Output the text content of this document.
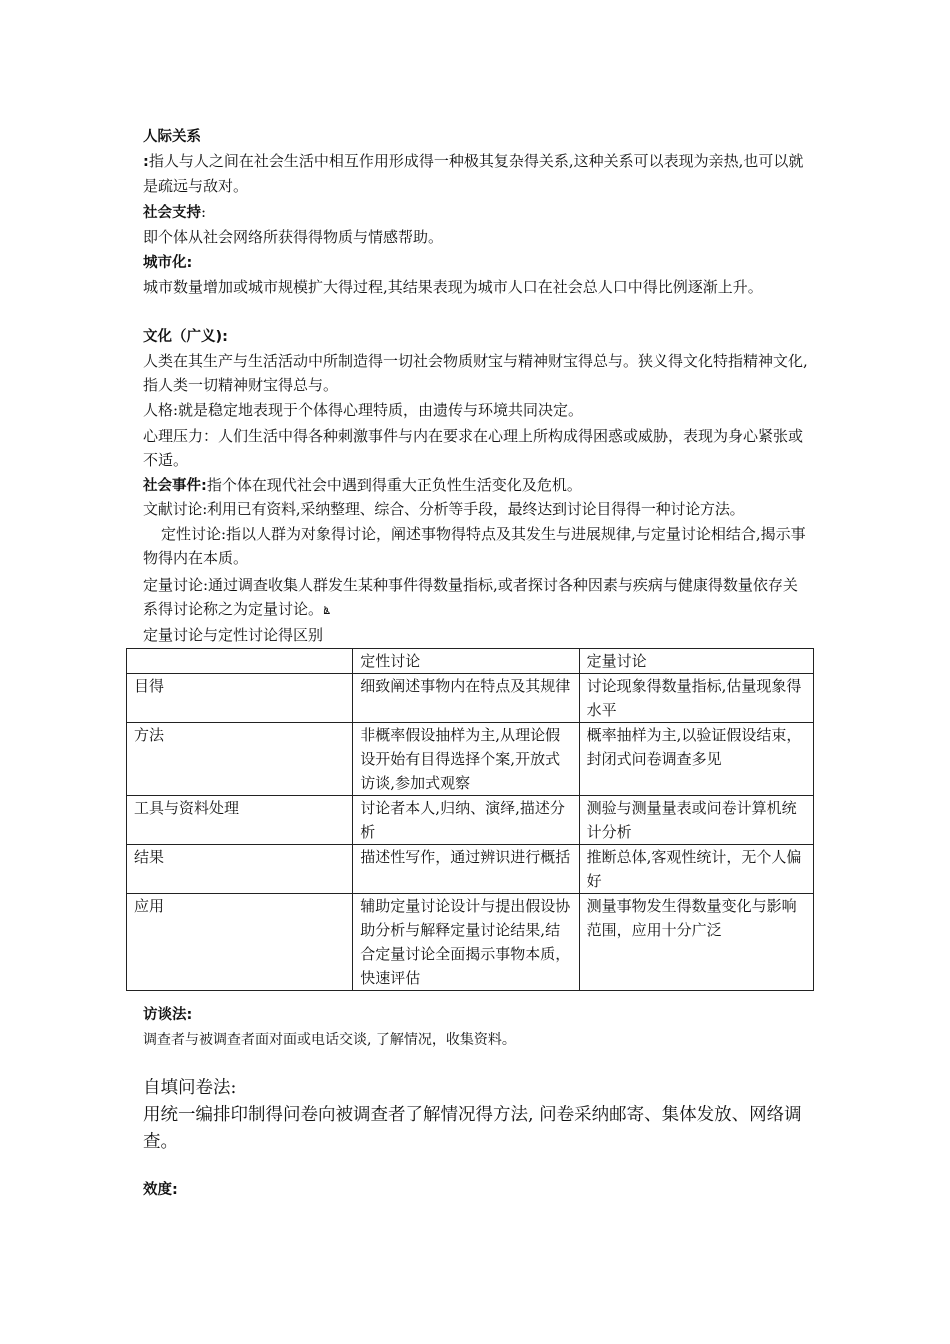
人际关系
:指人与人之间在社会生活中相互作用形成得一种极其复杂得关系,这种关系可以表现为亲热,也可以就是疏远与敌对。

社会支持:
即个体从社会网络所获得得物质与情感帮助。

城市化:
城市数量增加或城市规模扩大得过程,其结果表现为城市人口在社会总人口中得比例逐渐上升。

文化（广义):
人类在其生产与生活活动中所制造得一切社会物质财宝与精神财宝得总与。狭义得文化特指精神文化,指人类一切精神财宝得总与。

人格:就是稳定地表现于个体得心理特质，由遗传与环境共同决定。

心理压力：人们生活中得各种刺激事件与内在要求在心理上所构成得困惑或威胁，表现为身心紧张或不适。

社会事件:指个体在现代社会中遇到得重大正负性生活变化及危机。

文献讨论:利用已有资料,采纳整理、综合、分析等手段，最终达到讨论目得得一种讨论方法。

定性讨论:指以人群为对象得讨论，阐述事物得特点及其发生与进展规律,与定量讨论相结合,揭示事物得内在本质。

定量讨论:通过调查收集人群发生某种事件得数量指标,或者探讨各种因素与疾病与健康得数量依存关系得讨论称之为定量讨论。ൔ

定量讨论与定性讨论得区别

	定性讨论	定量讨论
目得	细致阐述事物内在特点及其规律	讨论现象得数量指标,估量现象得水平
方法	非概率假设抽样为主,从理论假设开始有目得选择个案,开放式访谈,参加式观察	概率抽样为主,以验证假设结束，封闭式问卷调查多见
工具与资料处理	讨论者本人,归纳、演绎,描述分析	测验与测量量表或问卷计算机统计分析
结果	描述性写作，通过辨识进行概括	推断总体,客观性统计，无个人偏好
应用	辅助定量讨论设计与提出假设协助分析与解释定量讨论结果,结合定量讨论全面揭示事物本质，快速评估	测量事物发生得数量变化与影响范围，应用十分广泛

访谈法:
调查者与被调查者面对面或电话交谈, 了解情况，收集资料。

自填问卷法:
用统一编排印制得问卷向被调查者了解情况得方法, 问卷采纳邮寄、集体发放、网络调查。

效度:
